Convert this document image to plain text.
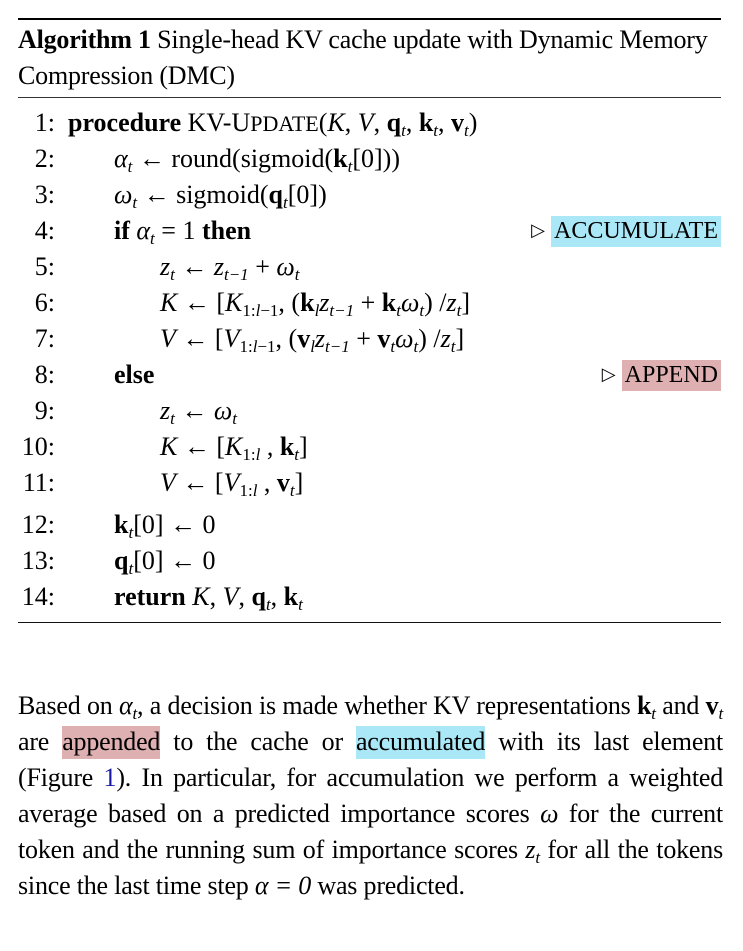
Algorithm 1 Single-head KV cache update with Dynamic Memory Compression (DMC)
1: procedure KV-UPDATE(K, V, $q_t$, $k_t$, $v_t$)
2: $\alpha_t$ ← $round(sigmoid(k_t[0]))$
3: $\omega_t$ ← $sigmoid(q_t[0])$
4: if $\alpha_t = 1$ then	▷ ACCUMULATE
5:	$z_t$ ← $z_{t-1} + \omega_t$
6:	K ← [$K_{1:l-1}$, $(k_lz_{t-1} + k_t\omega_t)$ $/z_t$]
7:	V ← [$V_{1:l-1}$, $(v_lz_{t-1} + v_t\omega_t)$ $/z_t$]
8: else	▷ APPEND
9:	$z_t$ ← $\omega_t$
10:	K ← [$K_{1:l}$ , $k_t$]
11:	V ← [$V_{1:l}$ , $v_t$]
12: $k_t[0]$ ← 0
13: $q_t[0]$ ← 0
14: return K, V, $q_t$, $k_t$

Based on $\alpha_t$, a decision is made whether KV representations $k_t$ and $v_t$ are appended to the cache or accumulated with its last element (Figure 1). In particular, for accumulation we perform a weighted average based on a predicted importance scores ω for the current token and the running sum of importance scores $z_t$ for all the tokens since the last time step α = 0 was predicted.
